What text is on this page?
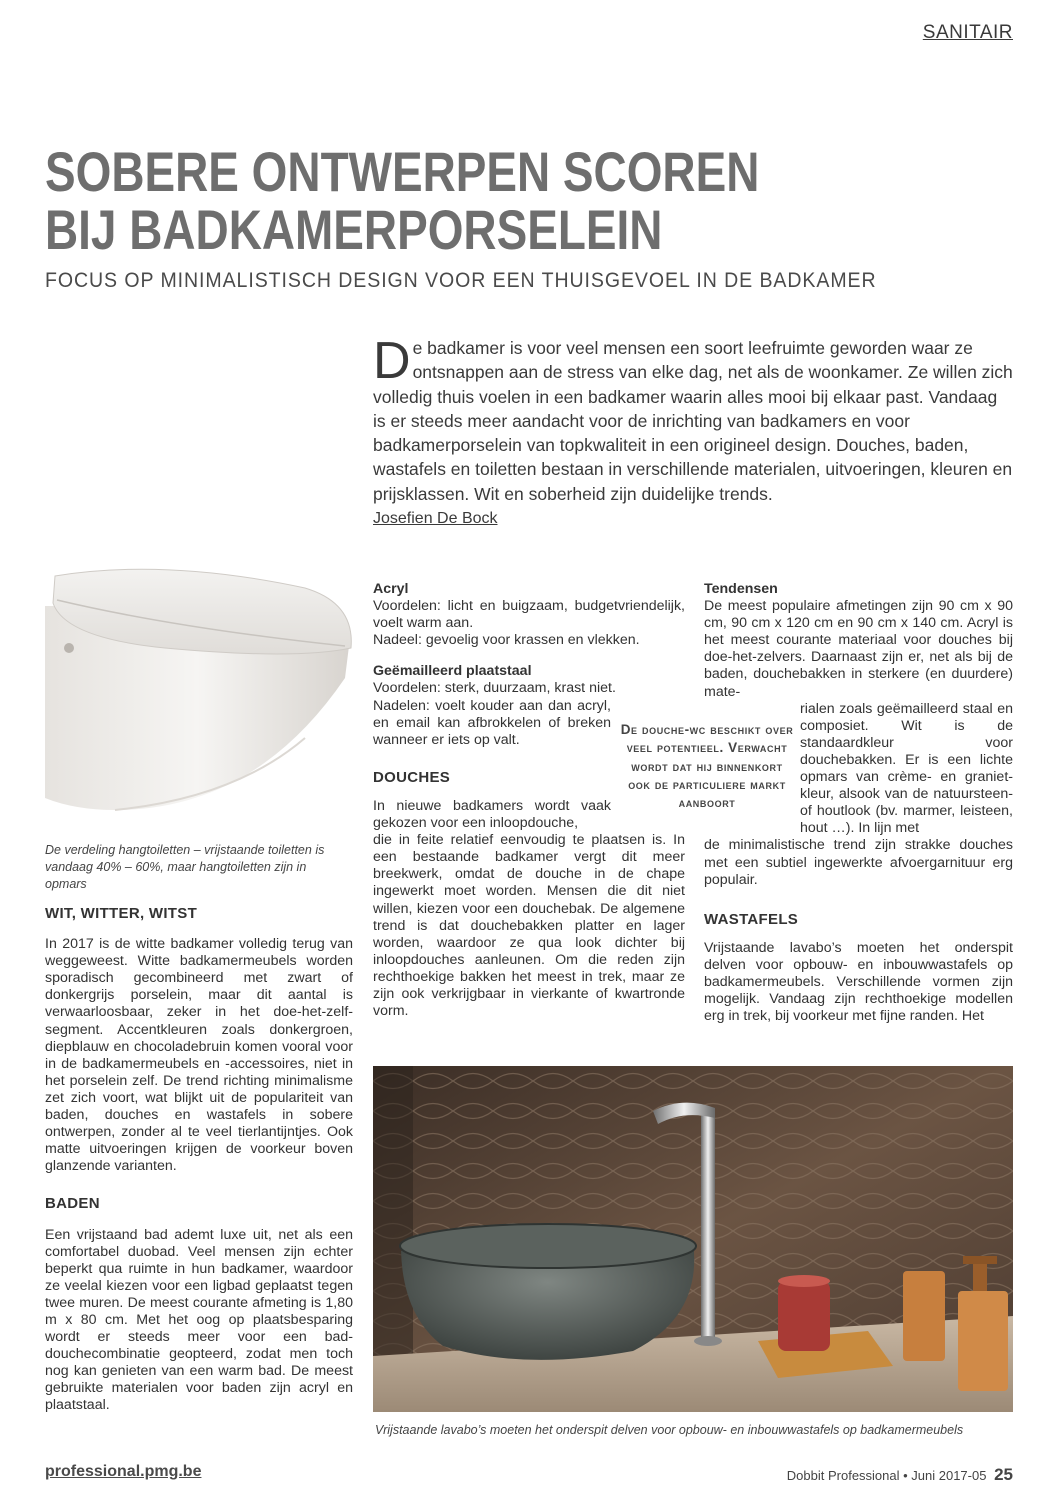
SANITAIR
SOBERE ONTWERPEN SCOREN
BIJ BADKAMERPORSELEIN
FOCUS OP MINIMALISTISCH DESIGN VOOR EEN THUISGEVOEL IN DE BADKAMER
D e badkamer is voor veel mensen een soort leefruimte geworden waar ze ontsnappen aan de stress van elke dag, net als de woonkamer. Ze willen zich volledig thuis voelen in een badkamer waarin alles mooi bij elkaar past. Vandaag is er steeds meer aandacht voor de inrichting van badkamers en voor badkamerporselein van topkwaliteit in een origineel design. Douches, baden, wastafels en toiletten bestaan in verschillende materialen, uitvoeringen, kleuren en prijsklassen. Wit en soberheid zijn duidelijke trends.

Josefien De Bock
De verdeling hangtoiletten – vrijstaande toiletten is vandaag 40% – 60%, maar hangtoiletten zijn in opmars
WIT, WITTER, WITST

In 2017 is de witte badkamer volledig terug van weggeweest. Witte badkamermeubels worden sporadisch gecombineerd met zwart of donkergrijs porselein, maar dit aantal is verwaarloosbaar, zeker in het doe-het-zelf-segment. Accentkleuren zoals donkergroen, diepblauw en chocoladebruin komen vooral voor in de badkamermeubels en -accessoires, niet in het porselein zelf. De trend richting minimalisme zet zich voort, wat blijkt uit de populariteit van baden, douches en wastafels in sobere ontwerpen, zonder al te veel tierlantijntjes. Ook matte uitvoeringen krijgen de voorkeur boven glanzende varianten.

BADEN

Een vrijstaand bad ademt luxe uit, net als een comfortabel duobad. Veel mensen zijn echter beperkt qua ruimte in hun badkamer, waardoor ze veelal kiezen voor een ligbad geplaatst tegen twee muren. De meest courante afmeting is 1,80 m x 80 cm. Met het oog op plaatsbesparing wordt er steeds meer voor een bad-douchecombinatie geopteerd, zodat men toch nog kan genieten van een warm bad. De meest gebruikte materialen voor baden zijn acryl en plaatstaal.

Acryl

Voordelen: licht en buigzaam, budgetvriendelijk, voelt warm aan.

Nadeel: gevoelig voor krassen en vlekken.

Geëmailleerd plaatstaal

Voordelen: sterk, duurzaam, krast niet.

Nadelen: voelt kouder aan dan acryl, en email kan afbrokkelen of breken wanneer er iets op valt.

DOUCHES

In nieuwe badkamers wordt vaak gekozen voor een inloopdouche,

die in feite relatief eenvoudig te plaatsen is. In een bestaande badkamer vergt dit meer breekwerk, omdat de douche in de chape ingewerkt moet worden. Mensen die dit niet willen, kiezen voor een douchebak. De algemene trend is dat douchebakken platter en lager worden, waardoor ze qua look dichter bij inloopdouches aanleunen. Om die reden zijn rechthoekige bakken het meest in trek, maar ze zijn ook verkrijgbaar in vierkante of kwartronde vorm.

De douche-wc beschikt over veel potentieel. Verwacht wordt dat hij binnenkort ook de particuliere markt aanboort
Tendensen

De meest populaire afmetingen zijn 90 cm x 90 cm, 90 cm x 120 cm en 90 cm x 140 cm. Acryl is het meest courante materiaal voor douches bij doe-het-zelvers. Daarnaast zijn er, net als bij de baden, douchebakken in sterkere (en duurdere) mate-

rialen zoals geëmailleerd staal en composiet. Wit is de standaardkleur voor douchebakken. Er is een lichte opmars van crème- en graniet-kleur, alsook van de natuursteen- of houtlook (bv. marmer, leisteen, hout …). In lijn met

de minimalistische trend zijn strakke douches met een subtiel ingewerkte afvoergarnituur erg populair.

WASTAFELS

Vrijstaande lavabo’s moeten het onderspit delven voor opbouw- en inbouwwastafels op badkamermeubels. Verschillende vormen zijn mogelijk. Vandaag zijn rechthoekige modellen erg in trek, bij voorkeur met fijne randen. Het

Vrijstaande lavabo’s moeten het onderspit delven voor opbouw- en inbouwwastafels op badkamermeubels
professional.pmg.be	Dobbit Professional • Juni 2017-05 25
